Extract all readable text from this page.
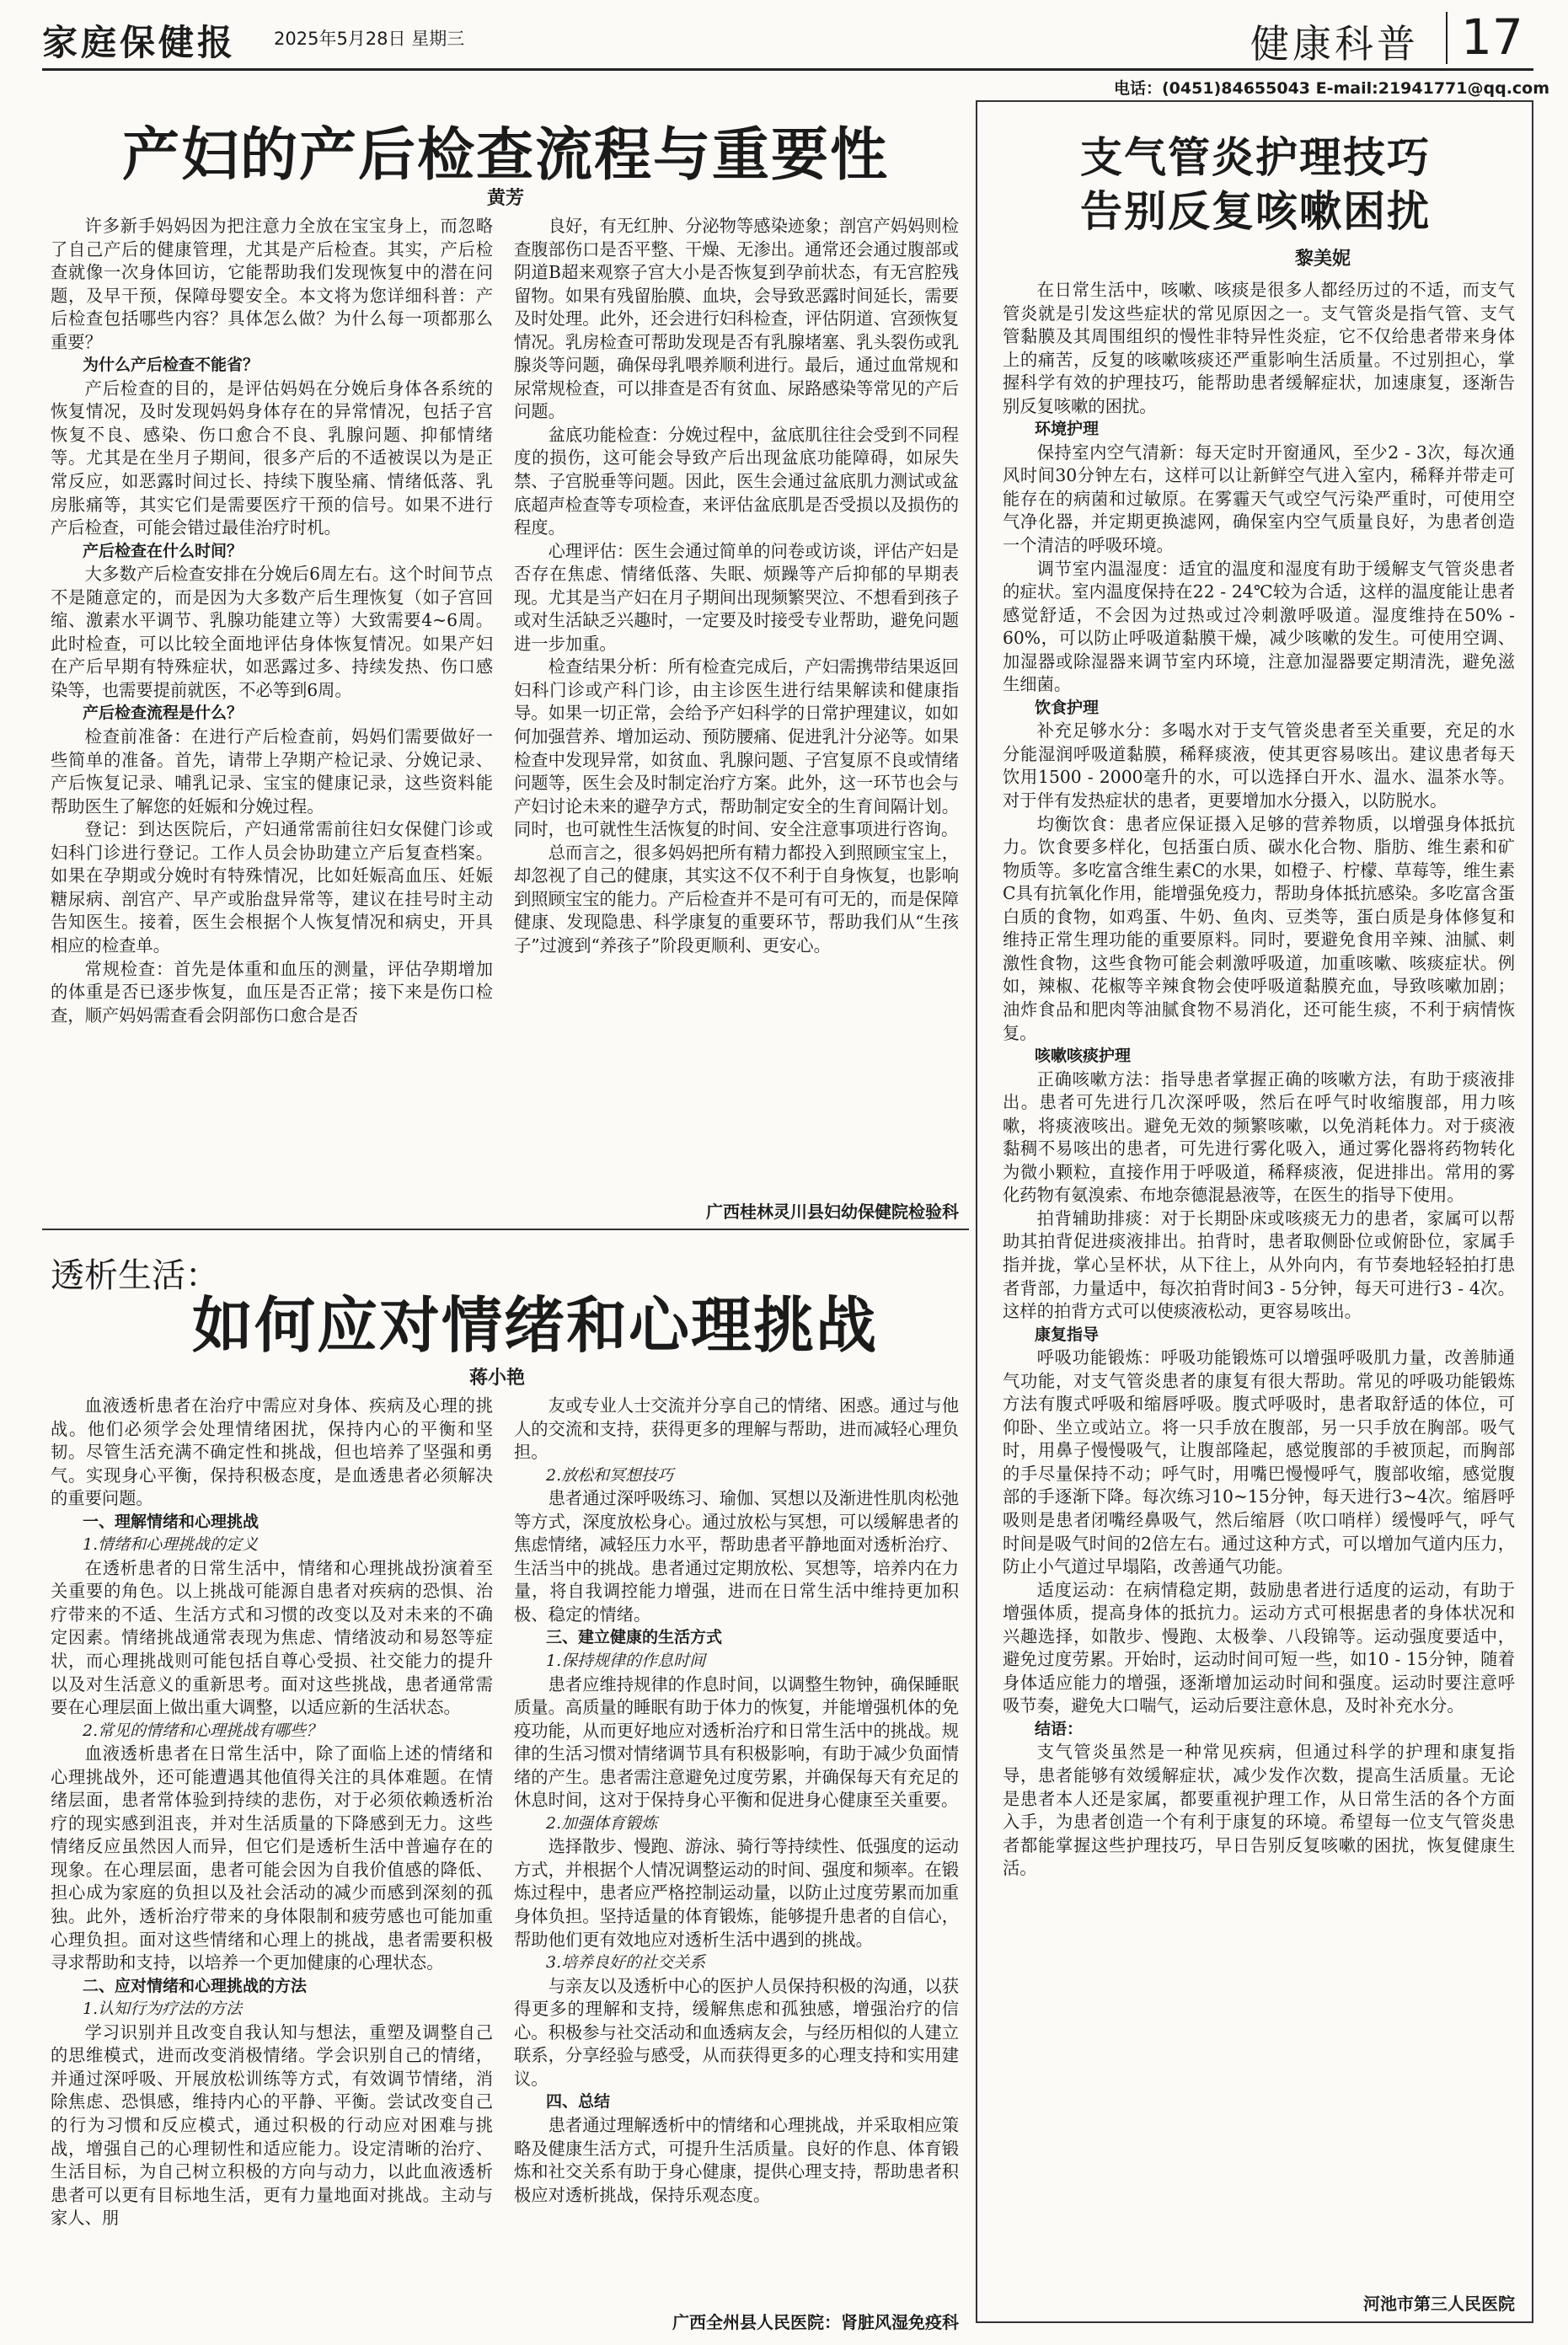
家庭保健报 2025年5月28日 星期三	健康科普 17
电话：(0451)84655043 E-mail:21941771@qq.com
产妇的产后检查流程与重要性
黄芳

许多新手妈妈因为把注意力全放在宝宝身上，而忽略了自己产后的健康管理，尤其是产后检查。其实，产后检查就像一次身体回访，它能帮助我们发现恢复中的潜在问题，及早干预，保障母婴安全。本文将为您详细科普：产后检查包括哪些内容？具体怎么做？为什么每一项都那么重要？

为什么产后检查不能省？

产后检查的目的，是评估妈妈在分娩后身体各系统的恢复情况，及时发现妈妈身体存在的异常情况，包括子宫恢复不良、感染、伤口愈合不良、乳腺问题、抑郁情绪等。尤其是在坐月子期间，很多产后的不适被误以为是正常反应，如恶露时间过长、持续下腹坠痛、情绪低落、乳房胀痛等，其实它们是需要医疗干预的信号。如果不进行产后检查，可能会错过最佳治疗时机。

产后检查在什么时间？

大多数产后检查安排在分娩后6周左右。这个时间节点不是随意定的，而是因为大多数产后生理恢复（如子宫回缩、激素水平调节、乳腺功能建立等）大致需要4~6周。此时检查，可以比较全面地评估身体恢复情况。如果产妇在产后早期有特殊症状，如恶露过多、持续发热、伤口感染等，也需要提前就医，不必等到6周。

产后检查流程是什么？

检查前准备：在进行产后检查前，妈妈们需要做好一些简单的准备。首先，请带上孕期产检记录、分娩记录、产后恢复记录、哺乳记录、宝宝的健康记录，这些资料能帮助医生了解您的妊娠和分娩过程。

登记：到达医院后，产妇通常需前往妇女保健门诊或妇科门诊进行登记。工作人员会协助建立产后复查档案。如果在孕期或分娩时有特殊情况，比如妊娠高血压、妊娠糖尿病、剖宫产、早产或胎盘异常等，建议在挂号时主动告知医生。接着，医生会根据个人恢复情况和病史，开具相应的检查单。

常规检查：首先是体重和血压的测量，评估孕期增加的体重是否已逐步恢复，血压是否正常；接下来是伤口检查，顺产妈妈需查看会阴部伤口愈合是否

良好，有无红肿、分泌物等感染迹象；剖宫产妈妈则检查腹部伤口是否平整、干燥、无渗出。通常还会通过腹部或阴道B超来观察子宫大小是否恢复到孕前状态，有无宫腔残留物。如果有残留胎膜、血块，会导致恶露时间延长，需要及时处理。此外，还会进行妇科检查，评估阴道、宫颈恢复情况。乳房检查可帮助发现是否有乳腺堵塞、乳头裂伤或乳腺炎等问题，确保母乳喂养顺利进行。最后，通过血常规和尿常规检查，可以排查是否有贫血、尿路感染等常见的产后问题。

盆底功能检查：分娩过程中，盆底肌往往会受到不同程度的损伤，这可能会导致产后出现盆底功能障碍，如尿失禁、子宫脱垂等问题。因此，医生会通过盆底肌力测试或盆底超声检查等专项检查，来评估盆底肌是否受损以及损伤的程度。

心理评估：医生会通过简单的问卷或访谈，评估产妇是否存在焦虑、情绪低落、失眠、烦躁等产后抑郁的早期表现。尤其是当产妇在月子期间出现频繁哭泣、不想看到孩子或对生活缺乏兴趣时，一定要及时接受专业帮助，避免问题进一步加重。

检查结果分析：所有检查完成后，产妇需携带结果返回妇科门诊或产科门诊，由主诊医生进行结果解读和健康指导。如果一切正常，会给予产妇科学的日常护理建议，如如何加强营养、增加运动、预防腰痛、促进乳汁分泌等。如果检查中发现异常，如贫血、乳腺问题、子宫复原不良或情绪问题等，医生会及时制定治疗方案。此外，这一环节也会与产妇讨论未来的避孕方式，帮助制定安全的生育间隔计划。同时，也可就性生活恢复的时间、安全注意事项进行咨询。

总而言之，很多妈妈把所有精力都投入到照顾宝宝上，却忽视了自己的健康，其实这不仅不利于自身恢复，也影响到照顾宝宝的能力。产后检查并不是可有可无的，而是保障健康、发现隐患、科学康复的重要环节，帮助我们从“生孩子”过渡到“养孩子”阶段更顺利、更安心。

广西桂林灵川县妇幼保健院检验科
透析生活：
如何应对情绪和心理挑战
蒋小艳

血液透析患者在治疗中需应对身体、疾病及心理的挑战。他们必须学会处理情绪困扰，保持内心的平衡和坚韧。尽管生活充满不确定性和挑战，但也培养了坚强和勇气。实现身心平衡，保持积极态度，是血透患者必须解决的重要问题。

一、理解情绪和心理挑战

1.情绪和心理挑战的定义

在透析患者的日常生活中，情绪和心理挑战扮演着至关重要的角色。以上挑战可能源自患者对疾病的恐惧、治疗带来的不适、生活方式和习惯的改变以及对未来的不确定因素。情绪挑战通常表现为焦虑、情绪波动和易怒等症状，而心理挑战则可能包括自尊心受损、社交能力的提升以及对生活意义的重新思考。面对这些挑战，患者通常需要在心理层面上做出重大调整，以适应新的生活状态。

2.常见的情绪和心理挑战有哪些？

血液透析患者在日常生活中，除了面临上述的情绪和心理挑战外，还可能遭遇其他值得关注的具体难题。在情绪层面，患者常体验到持续的悲伤，对于必须依赖透析治疗的现实感到沮丧，并对生活质量的下降感到无力。这些情绪反应虽然因人而异，但它们是透析生活中普遍存在的现象。在心理层面，患者可能会因为自我价值感的降低、担心成为家庭的负担以及社会活动的减少而感到深刻的孤独。此外，透析治疗带来的身体限制和疲劳感也可能加重心理负担。面对这些情绪和心理上的挑战，患者需要积极寻求帮助和支持，以培养一个更加健康的心理状态。

二、应对情绪和心理挑战的方法

1.认知行为疗法的方法

学习识别并且改变自我认知与想法，重塑及调整自己的思维模式，进而改变消极情绪。学会识别自己的情绪，并通过深呼吸、开展放松训练等方式，有效调节情绪，消除焦虑、恐惧感，维持内心的平静、平衡。尝试改变自己的行为习惯和反应模式，通过积极的行动应对困难与挑战，增强自己的心理韧性和适应能力。设定清晰的治疗、生活目标，为自己树立积极的方向与动力，以此血液透析患者可以更有目标地生活，更有力量地面对挑战。主动与家人、朋

友或专业人士交流并分享自己的情绪、困惑。通过与他人的交流和支持，获得更多的理解与帮助，进而减轻心理负担。

2.放松和冥想技巧

患者通过深呼吸练习、瑜伽、冥想以及渐进性肌肉松弛等方式，深度放松身心。通过放松与冥想，可以缓解患者的焦虑情绪，减轻压力水平，帮助患者平静地面对透析治疗、生活当中的挑战。患者通过定期放松、冥想等，培养内在力量，将自我调控能力增强，进而在日常生活中维持更加积极、稳定的情绪。

三、建立健康的生活方式

1.保持规律的作息时间

患者应维持规律的作息时间，以调整生物钟，确保睡眠质量。高质量的睡眠有助于体力的恢复，并能增强机体的免疫功能，从而更好地应对透析治疗和日常生活中的挑战。规律的生活习惯对情绪调节具有积极影响，有助于减少负面情绪的产生。患者需注意避免过度劳累，并确保每天有充足的休息时间，这对于保持身心平衡和促进身心健康至关重要。

2.加强体育锻炼

选择散步、慢跑、游泳、骑行等持续性、低强度的运动方式，并根据个人情况调整运动的时间、强度和频率。在锻炼过程中，患者应严格控制运动量，以防止过度劳累而加重身体负担。坚持适量的体育锻炼，能够提升患者的自信心，帮助他们更有效地应对透析生活中遇到的挑战。

3.培养良好的社交关系

与亲友以及透析中心的医护人员保持积极的沟通，以获得更多的理解和支持，缓解焦虑和孤独感，增强治疗的信心。积极参与社交活动和血透病友会，与经历相似的人建立联系，分享经验与感受，从而获得更多的心理支持和实用建议。

四、总结

患者通过理解透析中的情绪和心理挑战，并采取相应策略及健康生活方式，可提升生活质量。良好的作息、体育锻炼和社交关系有助于身心健康，提供心理支持，帮助患者积极应对透析挑战，保持乐观态度。

广西全州县人民医院：肾脏风湿免疫科
支气管炎护理技巧
告别反复咳嗽困扰
黎美妮

在日常生活中，咳嗽、咳痰是很多人都经历过的不适，而支气管炎就是引发这些症状的常见原因之一。支气管炎是指气管、支气管黏膜及其周围组织的慢性非特异性炎症，它不仅给患者带来身体上的痛苦，反复的咳嗽咳痰还严重影响生活质量。不过别担心，掌握科学有效的护理技巧，能帮助患者缓解症状，加速康复，逐渐告别反复咳嗽的困扰。

环境护理

保持室内空气清新：每天定时开窗通风，至少2 - 3次，每次通风时间30分钟左右，这样可以让新鲜空气进入室内，稀释并带走可能存在的病菌和过敏原。在雾霾天气或空气污染严重时，可使用空气净化器，并定期更换滤网，确保室内空气质量良好，为患者创造一个清洁的呼吸环境。

调节室内温湿度：适宜的温度和湿度有助于缓解支气管炎患者的症状。室内温度保持在22 - 24℃较为合适，这样的温度能让患者感觉舒适，不会因为过热或过冷刺激呼吸道。湿度维持在50% - 60%，可以防止呼吸道黏膜干燥，减少咳嗽的发生。可使用空调、加湿器或除湿器来调节室内环境，注意加湿器要定期清洗，避免滋生细菌。

饮食护理

补充足够水分：多喝水对于支气管炎患者至关重要，充足的水分能湿润呼吸道黏膜，稀释痰液，使其更容易咳出。建议患者每天饮用1500 - 2000毫升的水，可以选择白开水、温水、温茶水等。对于伴有发热症状的患者，更要增加水分摄入，以防脱水。

均衡饮食：患者应保证摄入足够的营养物质，以增强身体抵抗力。饮食要多样化，包括蛋白质、碳水化合物、脂肪、维生素和矿物质等。多吃富含维生素C的水果，如橙子、柠檬、草莓等，维生素C具有抗氧化作用，能增强免疫力，帮助身体抵抗感染。多吃富含蛋白质的食物，如鸡蛋、牛奶、鱼肉、豆类等，蛋白质是身体修复和维持正常生理功能的重要原料。同时，要避免食用辛辣、油腻、刺激性食物，这些食物可能会刺激呼吸道，加重咳嗽、咳痰症状。例如，辣椒、花椒等辛辣食物会使呼吸道黏膜充血，导致咳嗽加剧；油炸食品和肥肉等油腻食物不易消化，还可能生痰，不利于病情恢复。

咳嗽咳痰护理

正确咳嗽方法：指导患者掌握正确的咳嗽方法，有助于痰液排出。患者可先进行几次深呼吸，然后在呼气时收缩腹部，用力咳嗽，将痰液咳出。避免无效的频繁咳嗽，以免消耗体力。对于痰液黏稠不易咳出的患者，可先进行雾化吸入，通过雾化器将药物转化为微小颗粒，直接作用于呼吸道，稀释痰液，促进排出。常用的雾化药物有氨溴索、布地奈德混悬液等，在医生的指导下使用。

拍背辅助排痰：对于长期卧床或咳痰无力的患者，家属可以帮助其拍背促进痰液排出。拍背时，患者取侧卧位或俯卧位，家属手指并拢，掌心呈杯状，从下往上，从外向内，有节奏地轻轻拍打患者背部，力量适中，每次拍背时间3 - 5分钟，每天可进行3 - 4次。这样的拍背方式可以使痰液松动，更容易咳出。

康复指导

呼吸功能锻炼：呼吸功能锻炼可以增强呼吸肌力量，改善肺通气功能，对支气管炎患者的康复有很大帮助。常见的呼吸功能锻炼方法有腹式呼吸和缩唇呼吸。腹式呼吸时，患者取舒适的体位，可仰卧、坐立或站立。将一只手放在腹部，另一只手放在胸部。吸气时，用鼻子慢慢吸气，让腹部隆起，感觉腹部的手被顶起，而胸部的手尽量保持不动；呼气时，用嘴巴慢慢呼气，腹部收缩，感觉腹部的手逐渐下降。每次练习10~15分钟，每天进行3~4次。缩唇呼吸则是患者闭嘴经鼻吸气，然后缩唇（吹口哨样）缓慢呼气，呼气时间是吸气时间的2倍左右。通过这种方式，可以增加气道内压力，防止小气道过早塌陷，改善通气功能。

适度运动：在病情稳定期，鼓励患者进行适度的运动，有助于增强体质，提高身体的抵抗力。运动方式可根据患者的身体状况和兴趣选择，如散步、慢跑、太极拳、八段锦等。运动强度要适中，避免过度劳累。开始时，运动时间可短一些，如10 - 15分钟，随着身体适应能力的增强，逐渐增加运动时间和强度。运动时要注意呼吸节奏，避免大口喘气，运动后要注意休息，及时补充水分。

结语：

支气管炎虽然是一种常见疾病，但通过科学的护理和康复指导，患者能够有效缓解症状，减少发作次数，提高生活质量。无论是患者本人还是家属，都要重视护理工作，从日常生活的各个方面入手，为患者创造一个有利于康复的环境。希望每一位支气管炎患者都能掌握这些护理技巧，早日告别反复咳嗽的困扰，恢复健康生活。

河池市第三人民医院
